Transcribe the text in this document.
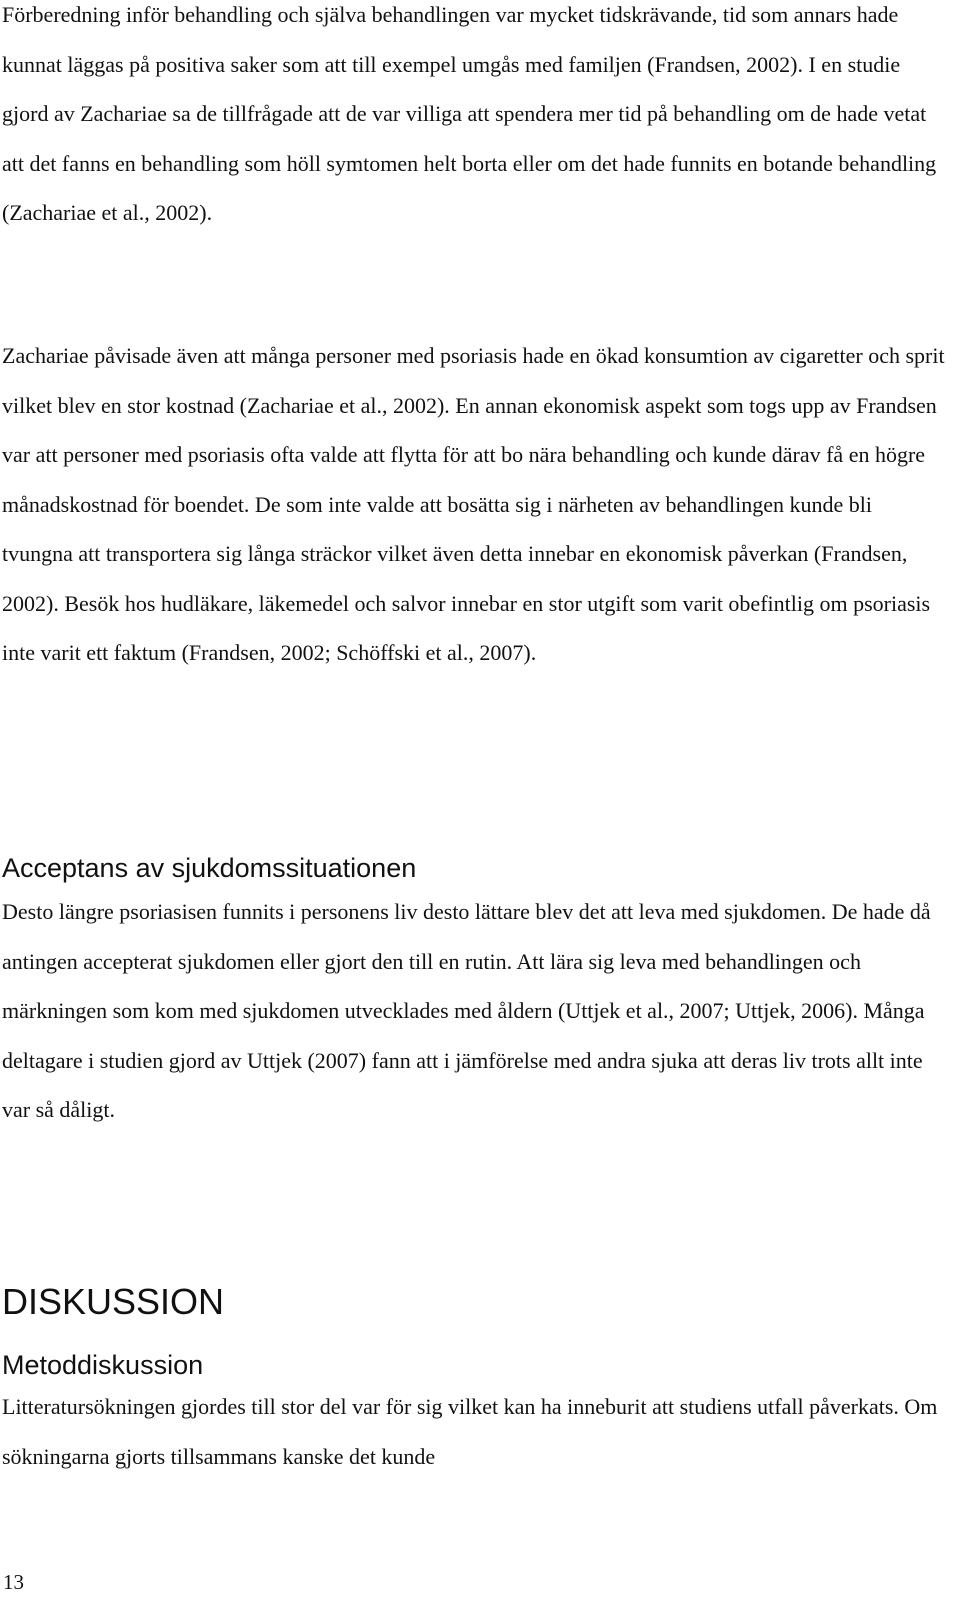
Förberedning inför behandling och själva behandlingen var mycket tidskrävande, tid som annars hade kunnat läggas på positiva saker som att till exempel umgås med familjen (Frandsen, 2002). I en studie gjord av Zachariae sa de tillfrågade att de var villiga att spendera mer tid på behandling om de hade vetat att det fanns en behandling som höll symtomen helt borta eller om det hade funnits en botande behandling (Zachariae et al., 2002).

Zachariae påvisade även att många personer med psoriasis hade en ökad konsumtion av cigaretter och sprit vilket blev en stor kostnad (Zachariae et al., 2002). En annan ekonomisk aspekt som togs upp av Frandsen var att personer med psoriasis ofta valde att flytta för att bo nära behandling och kunde därav få en högre månadskostnad för boendet. De som inte valde att bosätta sig i närheten av behandlingen kunde bli tvungna att transportera sig långa sträckor vilket även detta innebar en ekonomisk påverkan (Frandsen, 2002). Besök hos hudläkare, läkemedel och salvor innebar en stor utgift som varit obefintlig om psoriasis inte varit ett faktum (Frandsen, 2002; Schöffski et al., 2007).

Acceptans av sjukdomssituationen

Desto längre psoriasisen funnits i personens liv desto lättare blev det att leva med sjukdomen. De hade då antingen accepterat sjukdomen eller gjort den till en rutin. Att lära sig leva med behandlingen och märkningen som kom med sjukdomen utvecklades med åldern (Uttjek et al., 2007; Uttjek, 2006). Många deltagare i studien gjord av Uttjek (2007) fann att i jämförelse med andra sjuka att deras liv trots allt inte var så dåligt.

DISKUSSION
Metoddiskussion

Litteratursökningen gjordes till stor del var för sig vilket kan ha inneburit att studiens utfall påverkats. Om sökningarna gjorts tillsammans kanske det kunde

13
